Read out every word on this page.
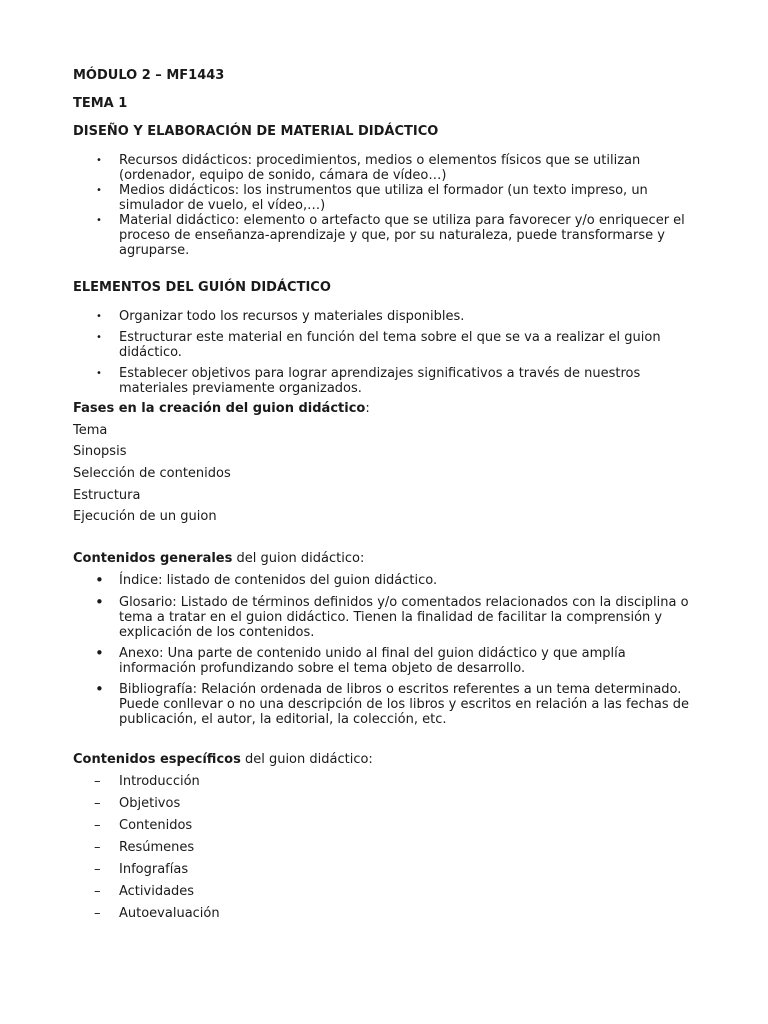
MÓDULO 2 – MF1443
TEMA 1
DISEÑO Y ELABORACIÓN DE MATERIAL DIDÁCTICO
•	Recursos didácticos: procedimientos, medios o elementos físicos que se utilizan (ordenador, equipo de sonido, cámara de vídeo…)
•	Medios didácticos: los instrumentos que utiliza el formador (un texto impreso, un simulador de vuelo, el vídeo,…)
•	Material didáctico: elemento o artefacto que se utiliza para favorecer y/o enriquecer el proceso de enseñanza-aprendizaje y que, por su naturaleza, puede transformarse y agruparse.
ELEMENTOS DEL GUIÓN DIDÁCTICO
•	Organizar todo los recursos y materiales disponibles.
•	Estructurar este material en función del tema sobre el que se va a realizar el guion didáctico.
•	Establecer objetivos para lograr aprendizajes significativos a través de nuestros materiales previamente organizados.

Fases en la creación del guion didáctico:

Tema

Sinopsis

Selección de contenidos

Estructura

Ejecución de un guion

Contenidos generales del guion didáctico:

•	Índice: listado de contenidos del guion didáctico.
•	Glosario: Listado de términos definidos y/o comentados relacionados con la disciplina o tema a tratar en el guion didáctico. Tienen la finalidad de facilitar la comprensión y explicación de los contenidos.
•	Anexo: Una parte de contenido unido al final del guion didáctico y que amplía información profundizando sobre el tema objeto de desarrollo.
•	Bibliografía: Relación ordenada de libros o escritos referentes a un tema determinado. Puede conllevar o no una descripción de los libros y escritos en relación a las fechas de publicación, el autor, la editorial, la colección, etc.

Contenidos específicos del guion didáctico:

–	Introducción
–	Objetivos
–	Contenidos
–	Resúmenes
–	Infografías
–	Actividades
–	Autoevaluación
